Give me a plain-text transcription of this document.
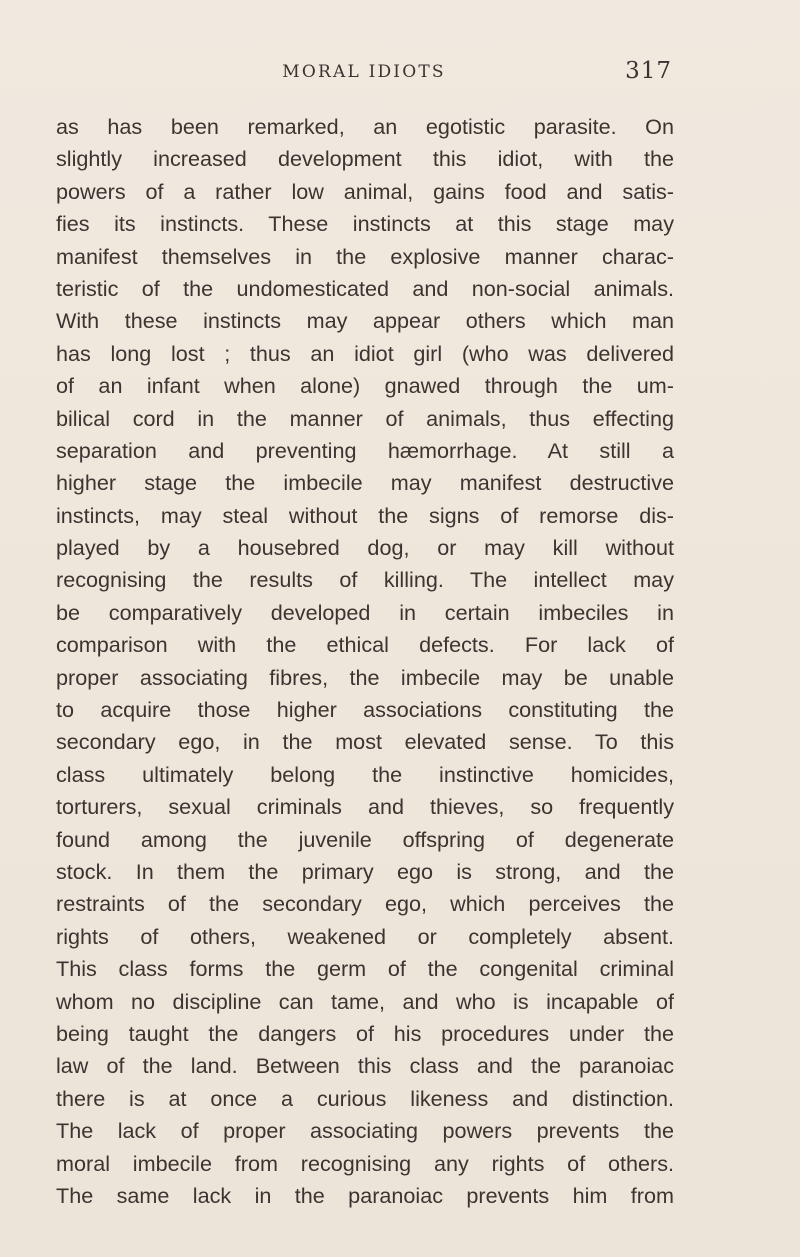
MORAL IDIOTS	317
as has been remarked, an egotistic parasite. On
slightly increased development this idiot, with the
powers of a rather low animal, gains food and satis-
fies its instincts. These instincts at this stage may
manifest themselves in the explosive manner charac-
teristic of the undomesticated and non-social animals.
With these instincts may appear others which man
has long lost ; thus an idiot girl (who was delivered
of an infant when alone) gnawed through the um-
bilical cord in the manner of animals, thus effecting
separation and preventing hæmorrhage. At still a
higher stage the imbecile may manifest destructive
instincts, may steal without the signs of remorse dis-
played by a housebred dog, or may kill without
recognising the results of killing. The intellect may
be comparatively developed in certain imbeciles in
comparison with the ethical defects. For lack of
proper associating fibres, the imbecile may be unable
to acquire those higher associations constituting the
secondary ego, in the most elevated sense. To this
class ultimately belong the instinctive homicides,
torturers, sexual criminals and thieves, so frequently
found among the juvenile offspring of degenerate
stock. In them the primary ego is strong, and the
restraints of the secondary ego, which perceives the
rights of others, weakened or completely absent.
This class forms the germ of the congenital criminal
whom no discipline can tame, and who is incapable of
being taught the dangers of his procedures under the
law of the land. Between this class and the paranoiac
there is at once a curious likeness and distinction.
The lack of proper associating powers prevents the
moral imbecile from recognising any rights of others.
The same lack in the paranoiac prevents him from
